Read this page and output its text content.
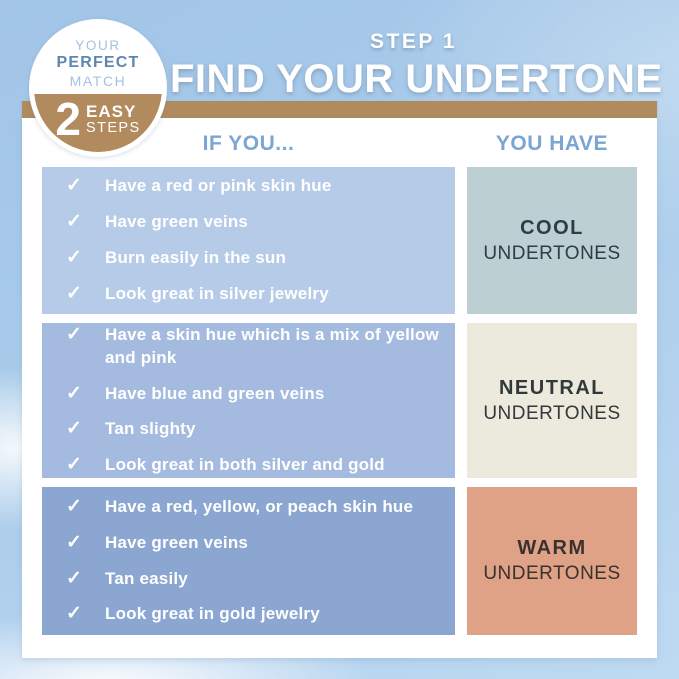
STEP 1
FIND YOUR UNDERTONE
YOUR
PERFECT
MATCH
2 EASY
STEPS
IF YOU...	YOU HAVE
✓	Have a red or pink skin hue
✓	Have green veins
✓	Burn easily in the sun
✓	Look great in silver jewelry
COOL
UNDERTONES
✓	Have a skin hue which is a mix of yellow
and pink
✓	Have blue and green veins
✓	Tan slighty
✓	Look great in both silver and gold
NEUTRAL
UNDERTONES
✓	Have a red, yellow, or peach skin hue
✓	Have green veins
✓	Tan easily
✓	Look great in gold jewelry
WARM
UNDERTONES
